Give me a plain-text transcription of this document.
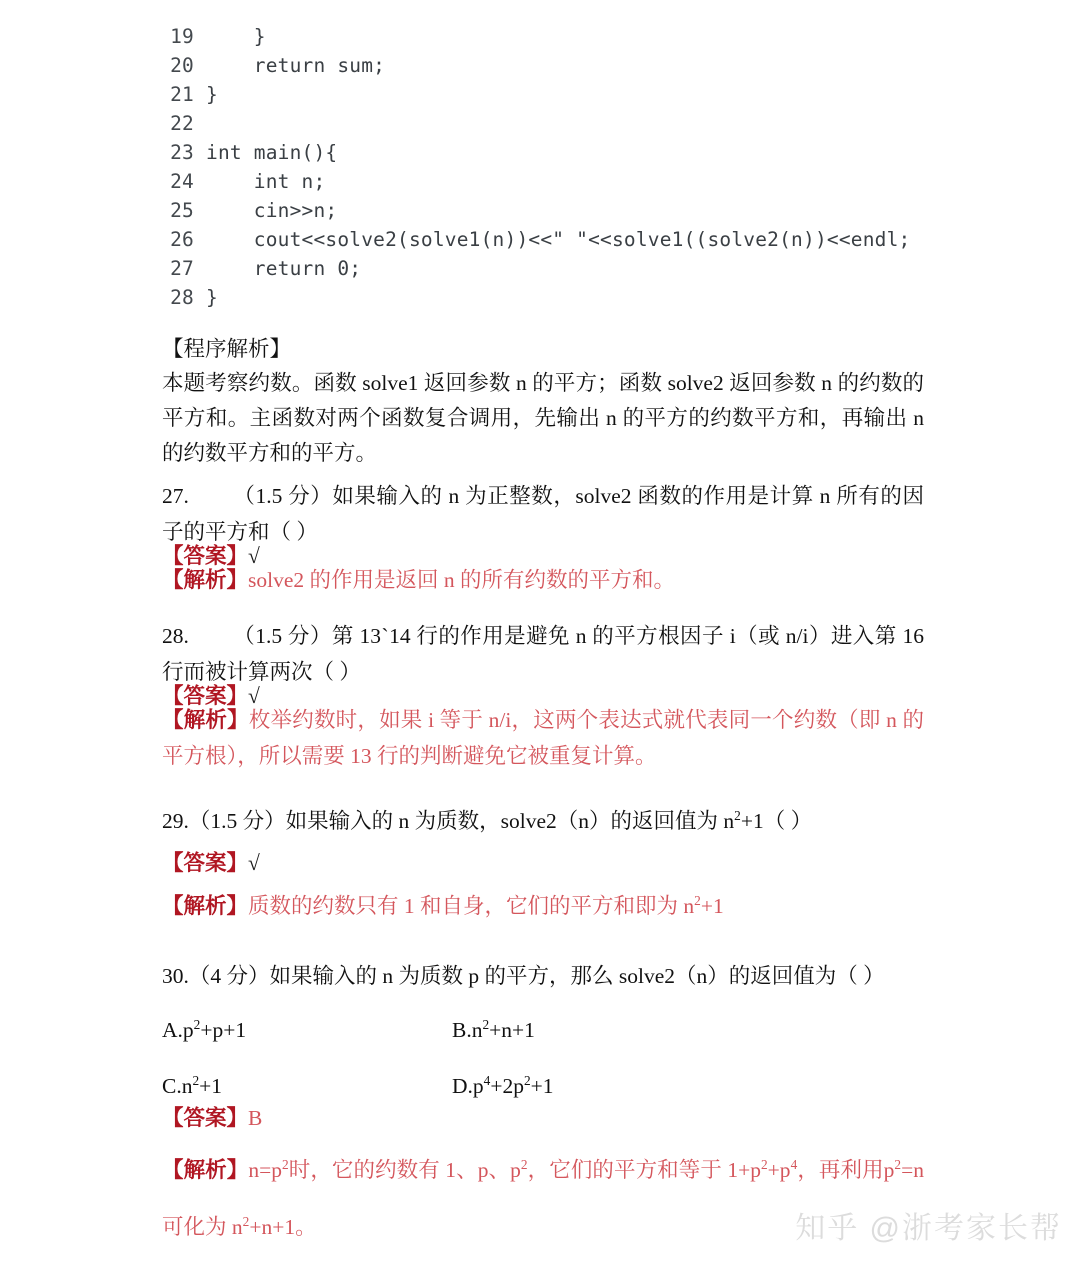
19 }
20 return sum;
21 }
22
23 int main(){
24 int n;
25 cin>>n;
26 cout<<solve2(solve1(n))<<" "<<solve1((solve2(n))<<endl;
27 return 0;
28 }
【程序解析】
本题考察约数。函数 solve1 返回参数 n 的平方；函数 solve2 返回参数 n 的约数的平方和。主函数对两个函数复合调用，先输出 n 的平方的约数平方和，再输出 n 的约数平方和的平方。
27. （1.5 分）如果输入的 n 为正整数，solve2 函数的作用是计算 n 所有的因子的平方和（ ）
【答案】√
【解析】solve2 的作用是返回 n 的所有约数的平方和。
28. （1.5 分）第 13ˋ14 行的作用是避免 n 的平方根因子 i（或 n/i）进入第 16 行而被计算两次（ ）
【答案】√
【解析】枚举约数时，如果 i 等于 n/i，这两个表达式就代表同一个约数（即 n 的平方根），所以需要 13 行的判断避免它被重复计算。
29.（1.5 分）如果输入的 n 为质数，solve2（n）的返回值为 $n^2+1$（ ）
【答案】√
【解析】质数的约数只有 1 和自身，它们的平方和即为 $n^2+1$
30.（4 分）如果输入的 n 为质数 p 的平方，那么 solve2（n）的返回值为（ ）
$A.p^2+p+1$	$B.n^2+n+1$
$C.n^2+1$	$D.p^4+2p^2+1$
【答案】B
【解析】$n=p^2$时，它的约数有 1、p、$p^2$，它们的平方和等于 $1+p^2+p^4$，再利用$p^2=n$　可化为 $n^2+n+1$。	知乎 @浙考家长帮
